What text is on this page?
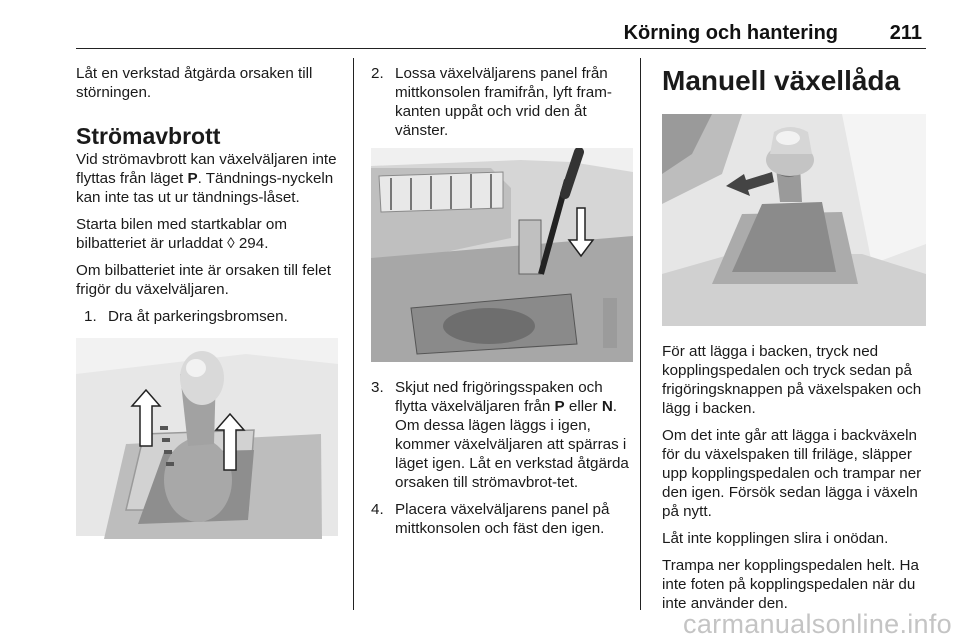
Körning och hantering	211

Låt en verkstad åtgärda orsaken till störningen.

Strömavbrott

Vid strömavbrott kan växelväljaren inte flyttas från läget P. Tändnings-nyckeln kan inte tas ut ur tändnings-låset.

Starta bilen med startkablar om bilbatteriet är urladdat ◊ 294.

Om bilbatteriet inte är orsaken till felet frigör du växelväljaren.

1. Dra åt parkeringsbromsen.
2. Lossa växelväljarens panel från mittkonsolen framifrån, lyft fram-kanten uppåt och vrid den åt vänster.
3. Skjut ned frigöringsspaken och flytta växelväljaren från P eller N. Om dessa lägen läggs i igen, kommer växelväljaren att spärras i läget igen. Låt en verkstad åtgärda orsaken till strömavbrot-tet.
4. Placera växelväljarens panel på mittkonsolen och fäst den igen.
Manuell växellåda

För att lägga i backen, tryck ned kopplingspedalen och tryck sedan på frigöringsknappen på växelspaken och lägg i backen.

Om det inte går att lägga i backväxeln för du växelspaken till friläge, släpper upp kopplingspedalen och trampar ner den igen. Försök sedan lägga i växeln på nytt.

Låt inte kopplingen slira i onödan.

Trampa ner kopplingspedalen helt. Ha inte foten på kopplingspedalen när du inte använder den.

carmanualsonline.info
